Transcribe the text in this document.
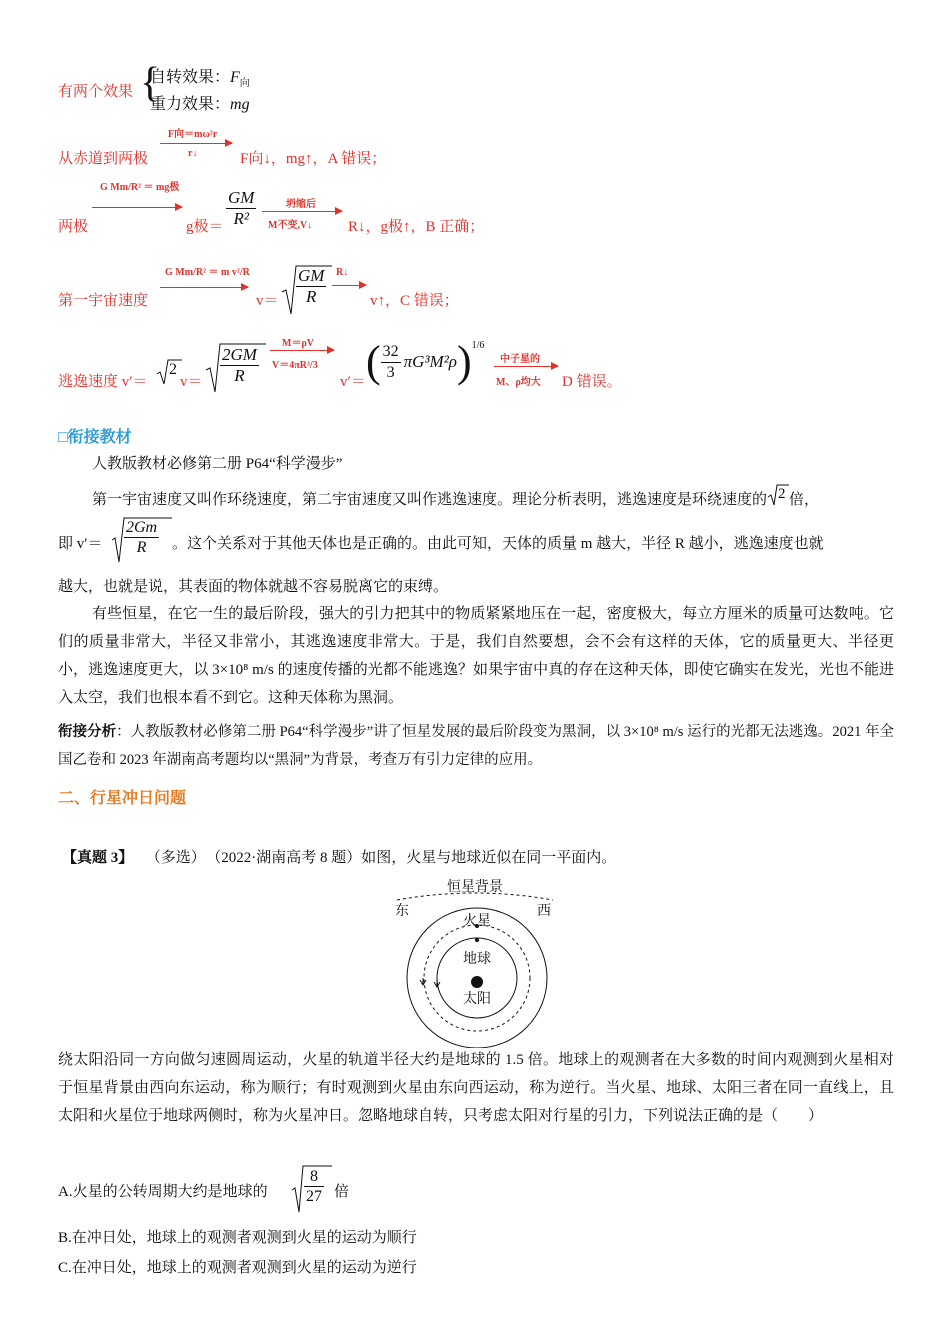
有两个效果 {
自转效果：$F_向$
重力效果：mg
从赤道到两极
F向＝mω²r
r↓	F向↓，mg↑，A 错误；
两极
G Mm/R² ＝ mg极
g极＝ $\frac{GM}{\text{R²}}$	坍缩后
M不变,V↓ R↓，g极↑，B 正确；
第一宇宙速度
G Mm/R² ＝ m v²/R
$v= \frac{GM}{R}$ R↓
v↑，C 错误；
逃逸速度 v′＝
2
$v= \frac{2GM}{R}$
M＝ρV
V＝4πR³/3
v′＝ ( $\frac{32}{3} \pi G^3M^2\rho)^{1/6}$
中子星的
M、ρ均大 D 错误。
□衔接教材
人教版教材必修第二册 P64“科学漫步”
第一宇宙速度又叫作环绕速度，第二宇宙速度又叫作逃逸速度。理论分析表明，逃逸速度是环绕速度的 2 倍，
即 $v'= \frac{2Gm}{R}$ 。这个关系对于其他天体也是正确的。由此可知，天体的质量 m 越大，半径 R 越小，逃逸速度也就
越大，也就是说，其表面的物体就越不容易脱离它的束缚。
有些恒星，在它一生的最后阶段，强大的引力把其中的物质紧紧地压在一起，密度极大，每立方厘米的质量可达数吨。它们的质量非常大，半径又非常小，其逃逸速度非常大。于是，我们自然要想，会不会有这样的天体，它的质量更大、半径更小，逃逸速度更大，以 3×10⁸ m/s 的速度传播的光都不能逃逸？如果宇宙中真的存在这种天体，即使它确实在发光，光也不能进入太空，我们也根本看不到它。这种天体称为黑洞。
衔接分析：人教版教材必修第二册 P64“科学漫步”讲了恒星发展的最后阶段变为黑洞，以 3×10⁸ m/s 运行的光都无法逃逸。2021 年全国乙卷和 2023 年湖南高考题均以“黑洞”为背景，考查万有引力定律的应用。
二、行星冲日问题
【真题 3】 （多选） （2022·湖南高考 8 题）如图，火星与地球近似在同一平面内。
恒星背景
东	西
火星
地球
太阳
绕太阳沿同一方向做匀速圆周运动，火星的轨道半径大约是地球的 1.5 倍。地球上的观测者在大多数的时间内观测到火星相对于恒星背景由西向东运动，称为顺行；有时观测到火星由东向西运动，称为逆行。当火星、地球、太阳三者在同一直线上，且太阳和火星位于地球两侧时，称为火星冲日。忽略地球自转，只考虑太阳对行星的引力，下列说法正确的是（　　）
A.火星的公转周期大约是地球的 $\frac{8}{27}$ 倍
B.在冲日处，地球上的观测者观测到火星的运动为顺行
C.在冲日处，地球上的观测者观测到火星的运动为逆行
